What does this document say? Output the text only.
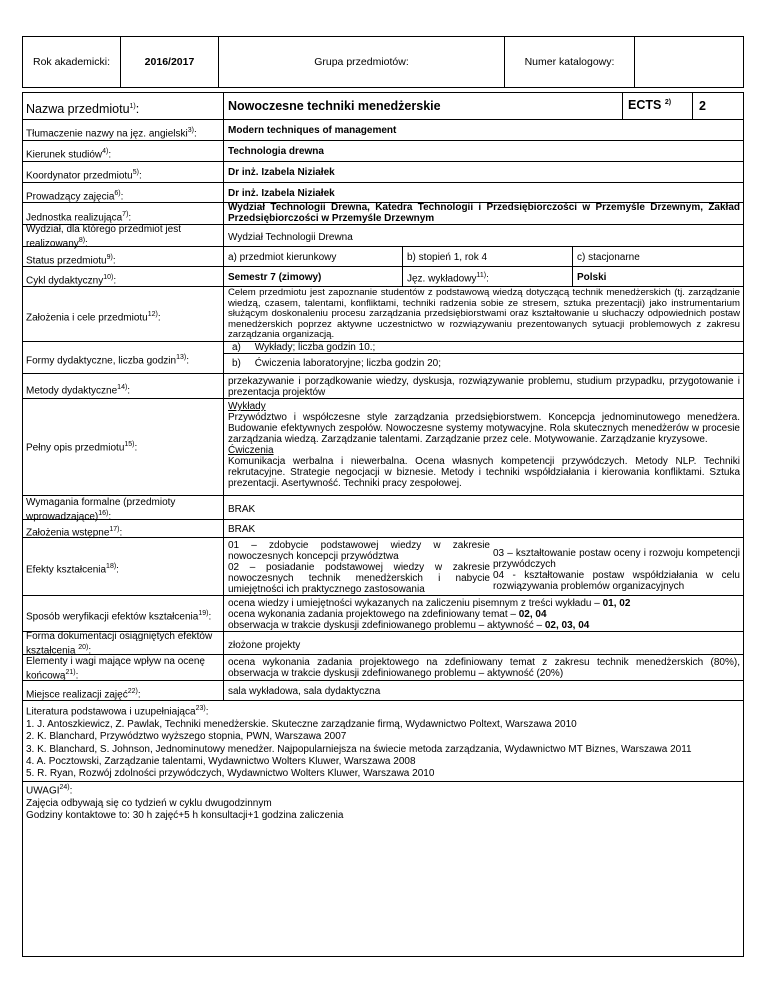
Rok akademicki:	2016/2017	Grupa przedmiotów:	Numer katalogowy:
Nazwa przedmiotu$^{1)}$:	Nowoczesne techniki menedżerskie	ECTS $^{2)}$ 2
Tłumaczenie nazwy na jęz. angielski$^{3)}$:	Modern techniques of management
Kierunek studiów$^{4)}$:	Technologia drewna
Koordynator przedmiotu$^{5)}$:	Dr inż. Izabela Niziałek
Prowadzący zajęcia$^{6)}$:	Dr inż. Izabela Niziałek
Jednostka realizująca$^{7)}$:
Wydział Technologii Drewna, Katedra Technologii i Przedsiębiorczości w Przemyśle Drzewnym, Zakład Przedsiębiorczości w Przemyśle Drzewnym
Wydział, dla którego przedmiot jest
realizowany$^{8)}$:
Wydział Technologii Drewna
Status przedmiotu$^{9)}$:	a) przedmiot kierunkowy	b) stopień 1, rok 4	c) stacjonarne
Cykl dydaktyczny$^{10)}$:	Semestr 7 (zimowy)	Jęz. wykładowy$^{11)}$:	Polski
Założenia i cele przedmiotu$^{12)}$:
Celem przedmiotu jest zapoznanie studentów z podstawową wiedzą dotyczącą technik menedżerskich (tj. zarządzanie wiedzą, czasem, talentami, konfliktami, techniki radzenia sobie ze stresem, sztuka prezentacji) jako instrumentarium służącym doskonaleniu procesu zarządzania przedsiębiorstwami oraz kształtowanie u słuchaczy odpowiednich postaw menedżerskich poprzez aktywne uczestnictwo w rozwiązywaniu prezentowanych sytuacji problemowych z zakresu zarządzania organizacją.
Formy dydaktyczne, liczba godzin$^{13)}$:
a)     Wykłady; liczba godzin 10.;
b)     Ćwiczenia laboratoryjne; liczba godzin 20;
Metody dydaktyczne$^{14)}$:
przekazywanie i porządkowanie wiedzy, dyskusja, rozwiązywanie problemu, studium przypadku, przygotowanie i prezentacja projektów
Pełny opis przedmiotu$^{15)}$:
Wykłady
Przywództwo i współczesne style zarządzania przedsiębiorstwem. Koncepcja jednominutowego menedżera. Budowanie efektywnych zespołów. Nowoczesne systemy motywacyjne. Rola skutecznych menedżerów w procesie zarządzania wiedzą. Zarządzanie talentami. Zarządzanie przez cele. Motywowanie. Zarządzanie kryzysowe.
Ćwiczenia
Komunikacja werbalna i niewerbalna. Ocena własnych kompetencji przywódczych. Metody NLP. Techniki rekrutacyjne. Strategie negocjacji w biznesie. Metody i techniki współdziałania i kierowania konfliktami. Sztuka prezentacji. Asertywność. Techniki pracy zespołowej.
Wymagania formalne (przedmioty
wprowadzające)$^{16)}$:
BRAK
Założenia wstępne$^{17)}$:	BRAK
Efekty kształcenia$^{18)}$:
01 – zdobycie podstawowej wiedzy w zakresie nowoczesnych koncepcji przywództwa
02 – posiadanie podstawowej wiedzy w zakresie nowoczesnych technik menedżerskich i nabycie umiejętności ich praktycznego zastosowania
03 – kształtowanie postaw oceny i rozwoju kompetencji przywódczych
04 - kształtowanie postaw współdziałania w celu rozwiązywania problemów organizacyjnych
Sposób weryfikacji efektów kształcenia$^{19)}$:
ocena wiedzy i umiejętności wykazanych na zaliczeniu pisemnym z treści wykładu – 01, 02
ocena wykonania zadania projektowego na zdefiniowany temat – 02, 04
obserwacja w trakcie dyskusji zdefiniowanego problemu – aktywność – 02, 03, 04
Forma dokumentacji osiągniętych efektów
kształcenia $^{20)}$:	złożone projekty
Elementy i wagi mające wpływ na ocenę
końcową$^{21)}$:
ocena wykonania zadania projektowego na zdefiniowany temat z zakresu technik menedżerskich (80%), obserwacja w trakcie dyskusji zdefiniowanego problemu – aktywność (20%)
Miejsce realizacji zajęć$^{22)}$:	sala wykładowa, sala dydaktyczna
Literatura podstawowa i uzupełniająca$^{23)}$:
1. J. Antoszkiewicz, Z. Pawlak, Techniki menedżerskie. Skuteczne zarządzanie firmą, Wydawnictwo Poltext, Warszawa 2010
2. K. Blanchard, Przywództwo wyższego stopnia, PWN, Warszawa 2007
3. K. Blanchard, S. Johnson, Jednominutowy menedżer. Najpopularniejsza na świecie metoda zarządzania, Wydawnictwo MT Biznes, Warszawa 2011
4. A. Pocztowski, Zarządzanie talentami, Wydawnictwo Wolters Kluwer, Warszawa 2008
5. R. Ryan, Rozwój zdolności przywódczych, Wydawnictwo Wolters Kluwer, Warszawa 2010
UWAGI$^{24)}$:
Zajęcia odbywają się co tydzień w cyklu dwugodzinnym
Godziny kontaktowe to: 30 h zajęć+5 h konsultacji+1 godzina zaliczenia
